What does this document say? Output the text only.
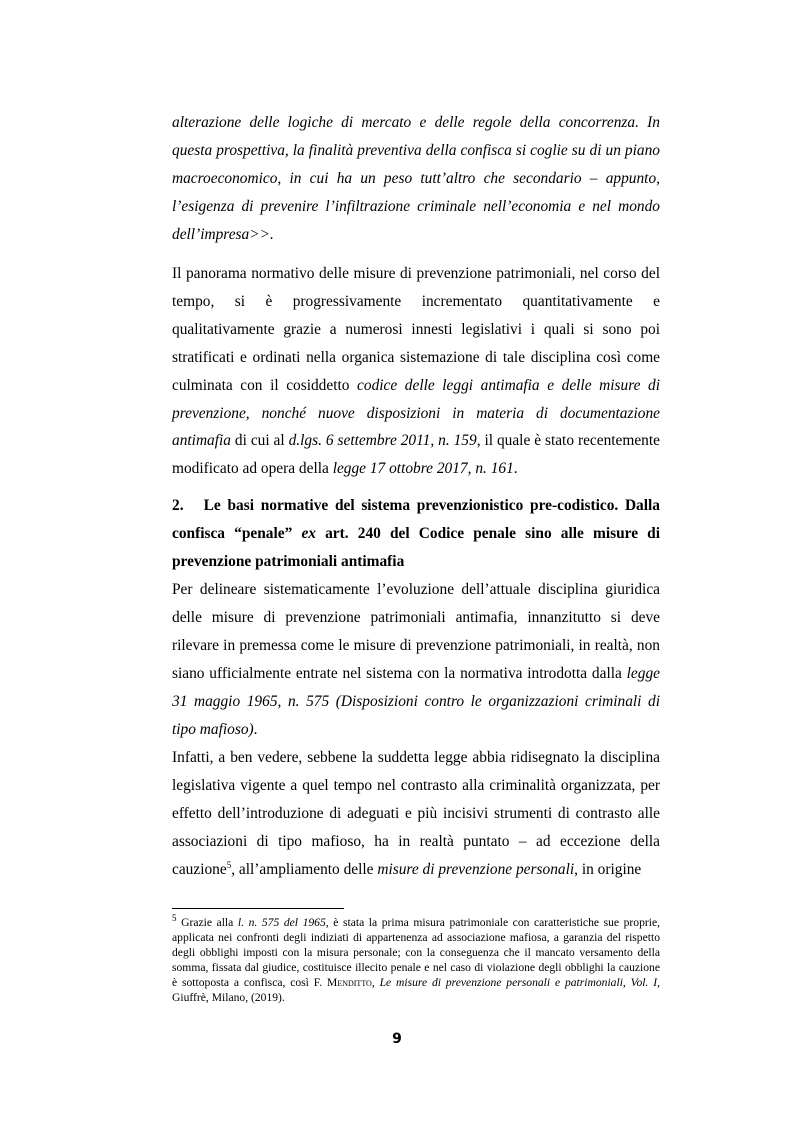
alterazione delle logiche di mercato e delle regole della concorrenza. In questa prospettiva, la finalità preventiva della confisca si coglie su di un piano macroeconomico, in cui ha un peso tutt’altro che secondario – appunto, l’esigenza di prevenire l’infiltrazione criminale nell’economia e nel mondo dell’impresa>>.

Il panorama normativo delle misure di prevenzione patrimoniali, nel corso del tempo, si è progressivamente incrementato quantitativamente e qualitativamente grazie a numerosi innesti legislativi i quali si sono poi stratificati e ordinati nella organica sistemazione di tale disciplina così come culminata con il cosiddetto codice delle leggi antimafia e delle misure di prevenzione, nonché nuove disposizioni in materia di documentazione antimafia di cui al d.lgs. 6 settembre 2011, n. 159, il quale è stato recentemente modificato ad opera della legge 17 ottobre 2017, n. 161.

2. Le basi normative del sistema prevenzionistico pre-codistico. Dalla confisca “penale” ex art. 240 del Codice penale sino alle misure di prevenzione patrimoniali antimafia

Per delineare sistematicamente l’evoluzione dell’attuale disciplina giuridica delle misure di prevenzione patrimoniali antimafia, innanzitutto si deve rilevare in premessa come le misure di prevenzione patrimoniali, in realtà, non siano ufficialmente entrate nel sistema con la normativa introdotta dalla legge 31 maggio 1965, n. 575 (Disposizioni contro le organizzazioni criminali di tipo mafioso).

Infatti, a ben vedere, sebbene la suddetta legge abbia ridisegnato la disciplina legislativa vigente a quel tempo nel contrasto alla criminalità organizzata, per effetto dell’introduzione di adeguati e più incisivi strumenti di contrasto alle associazioni di tipo mafioso, ha in realtà puntato – ad eccezione della cauzione$^5$, all’ampliamento delle misure di prevenzione personali, in origine

$^5$ Grazie alla l. n. 575 del 1965, è stata la prima misura patrimoniale con caratteristiche sue proprie, applicata nei confronti degli indiziati di appartenenza ad associazione mafiosa, a garanzia del rispetto degli obblighi imposti con la misura personale; con la conseguenza che il mancato versamento della somma, fissata dal giudice, costituisce illecito penale e nel caso di violazione degli obblighi la cauzione è sottoposta a confisca, così F. Menditto, Le misure di prevenzione personali e patrimoniali, Vol. I, Giuffrè, Milano, (2019).

9
